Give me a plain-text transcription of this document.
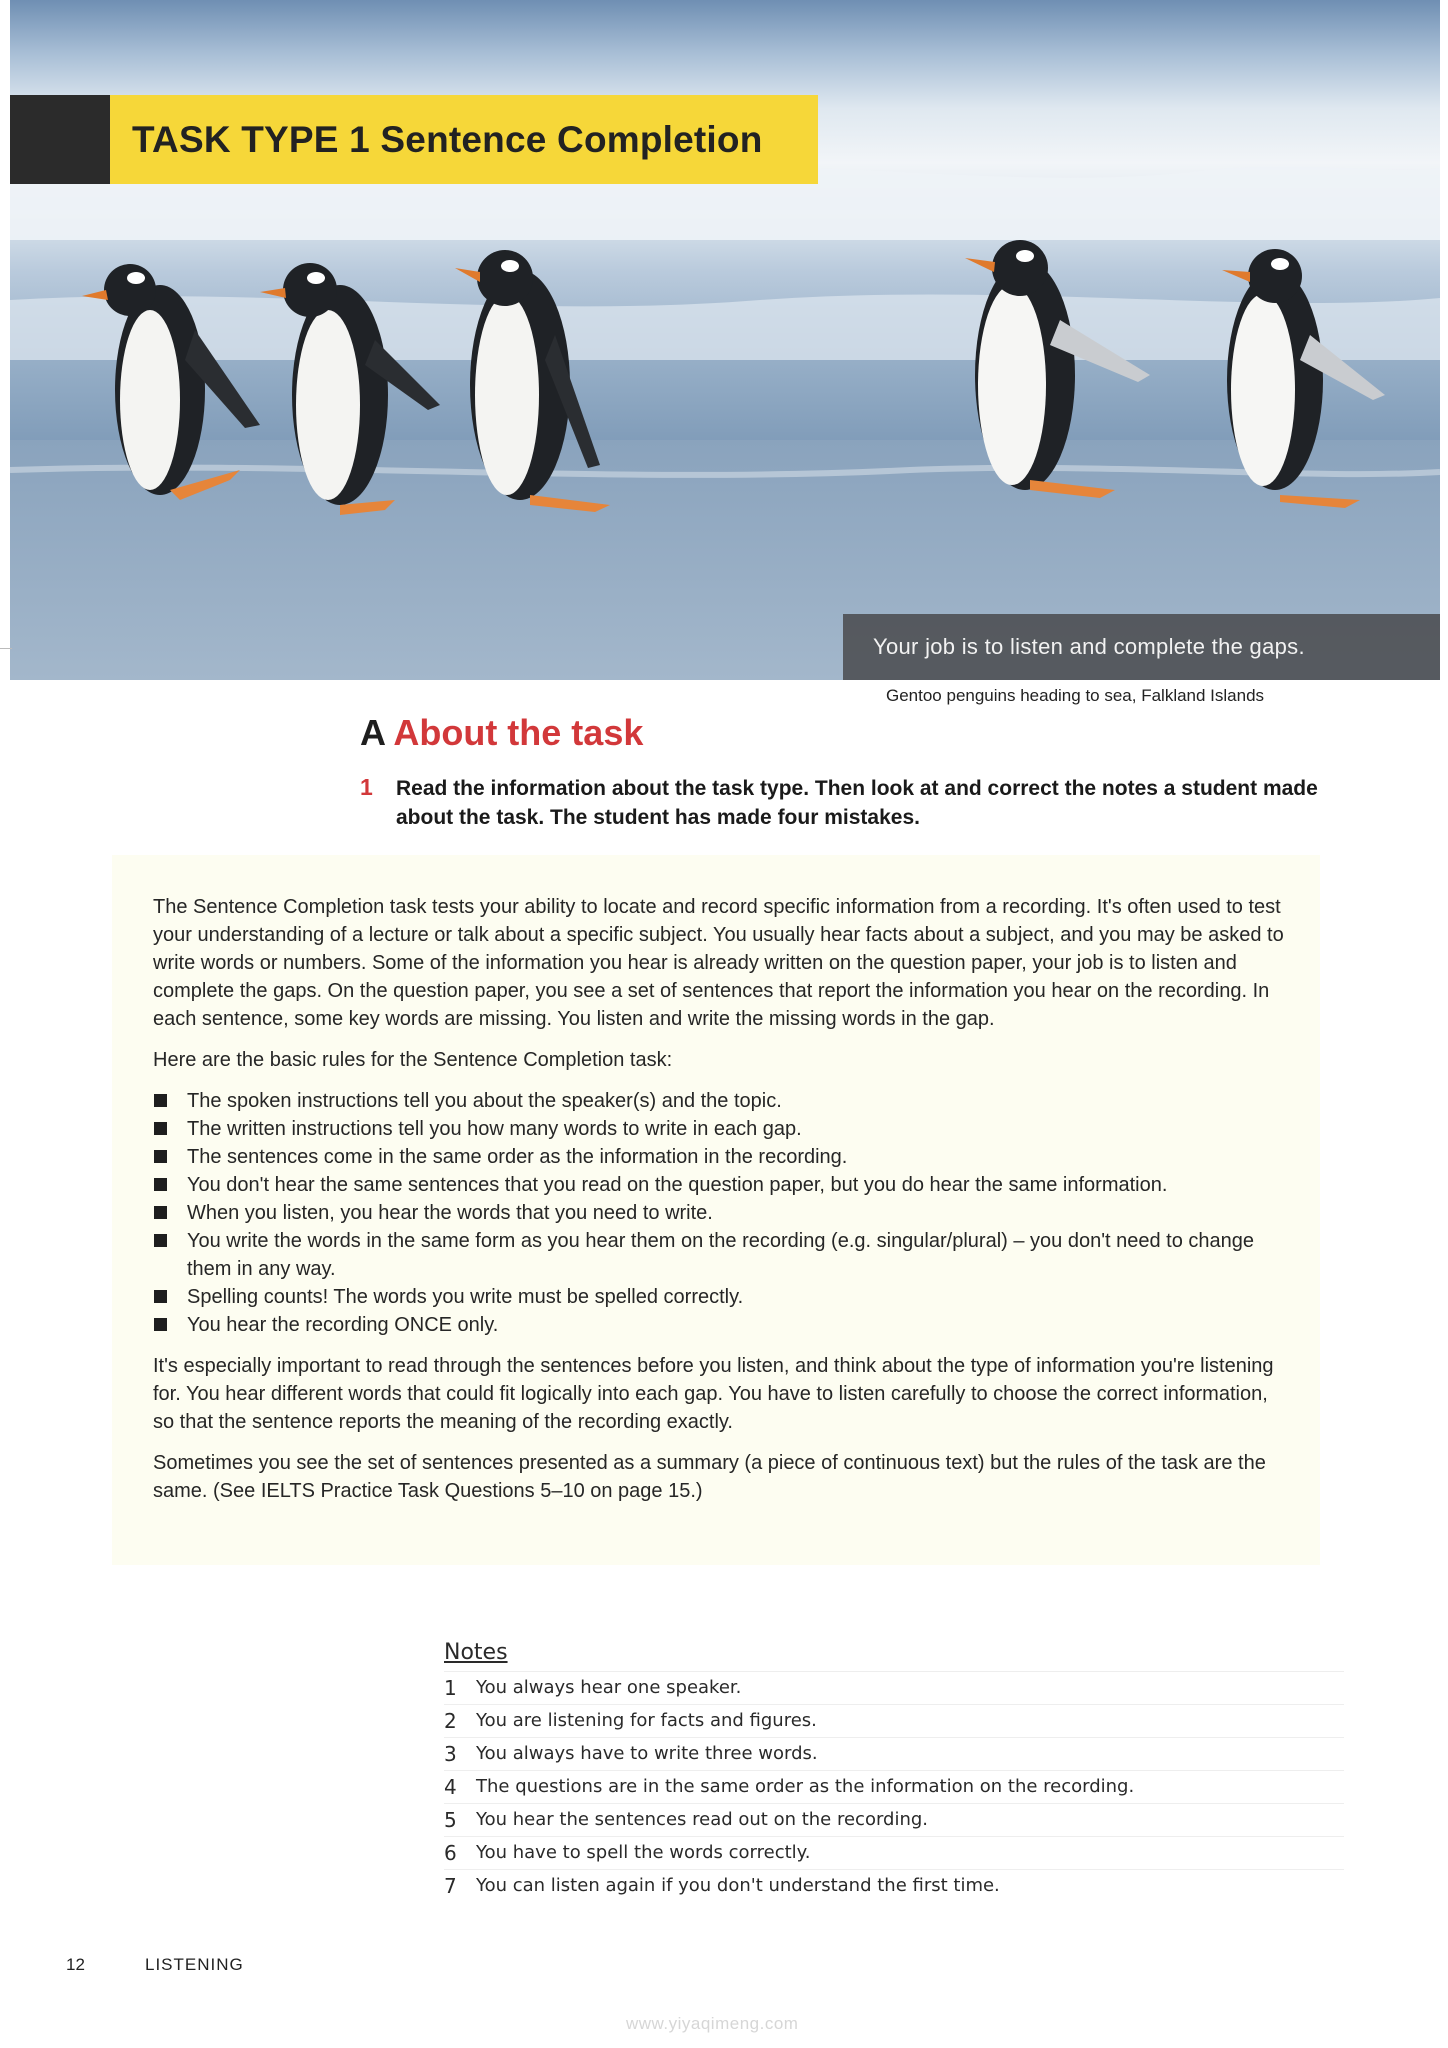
TASK TYPE 1 Sentence Completion
Your job is to listen and complete the gaps.
Gentoo penguins heading to sea, Falkland Islands
A About the task
1	Read the information about the task type. Then look at and correct the notes a student made about the task. The student has made four mistakes.

The Sentence Completion task tests your ability to locate and record specific information from a recording. It's often used to test your understanding of a lecture or talk about a specific subject. You usually hear facts about a subject, and you may be asked to write words or numbers. Some of the information you hear is already written on the question paper, your job is to listen and complete the gaps. On the question paper, you see a set of sentences that report the information you hear on the recording. In each sentence, some key words are missing. You listen and write the missing words in the gap.

Here are the basic rules for the Sentence Completion task:

The spoken instructions tell you about the speaker(s) and the topic.
The written instructions tell you how many words to write in each gap.
The sentences come in the same order as the information in the recording.
You don't hear the same sentences that you read on the question paper, but you do hear the same information.
When you listen, you hear the words that you need to write.
You write the words in the same form as you hear them on the recording (e.g. singular/plural) – you don't need to change them in any way.
Spelling counts! The words you write must be spelled correctly.
You hear the recording ONCE only.

It's especially important to read through the sentences before you listen, and think about the type of information you're listening for. You hear different words that could fit logically into each gap. You have to listen carefully to choose the correct information, so that the sentence reports the meaning of the recording exactly.

Sometimes you see the set of sentences presented as a summary (a piece of continuous text) but the rules of the task are the same. (See IELTS Practice Task Questions 5–10 on page 15.)

Notes
1	You always hear one speaker.
2	You are listening for facts and figures.
3	You always have to write three words.
4	The questions are in the same order as the information on the recording.
5	You hear the sentences read out on the recording.
6	You have to spell the words correctly.
7	You can listen again if you don't understand the first time.
12	LISTENING
www.yiyaqimeng.com
